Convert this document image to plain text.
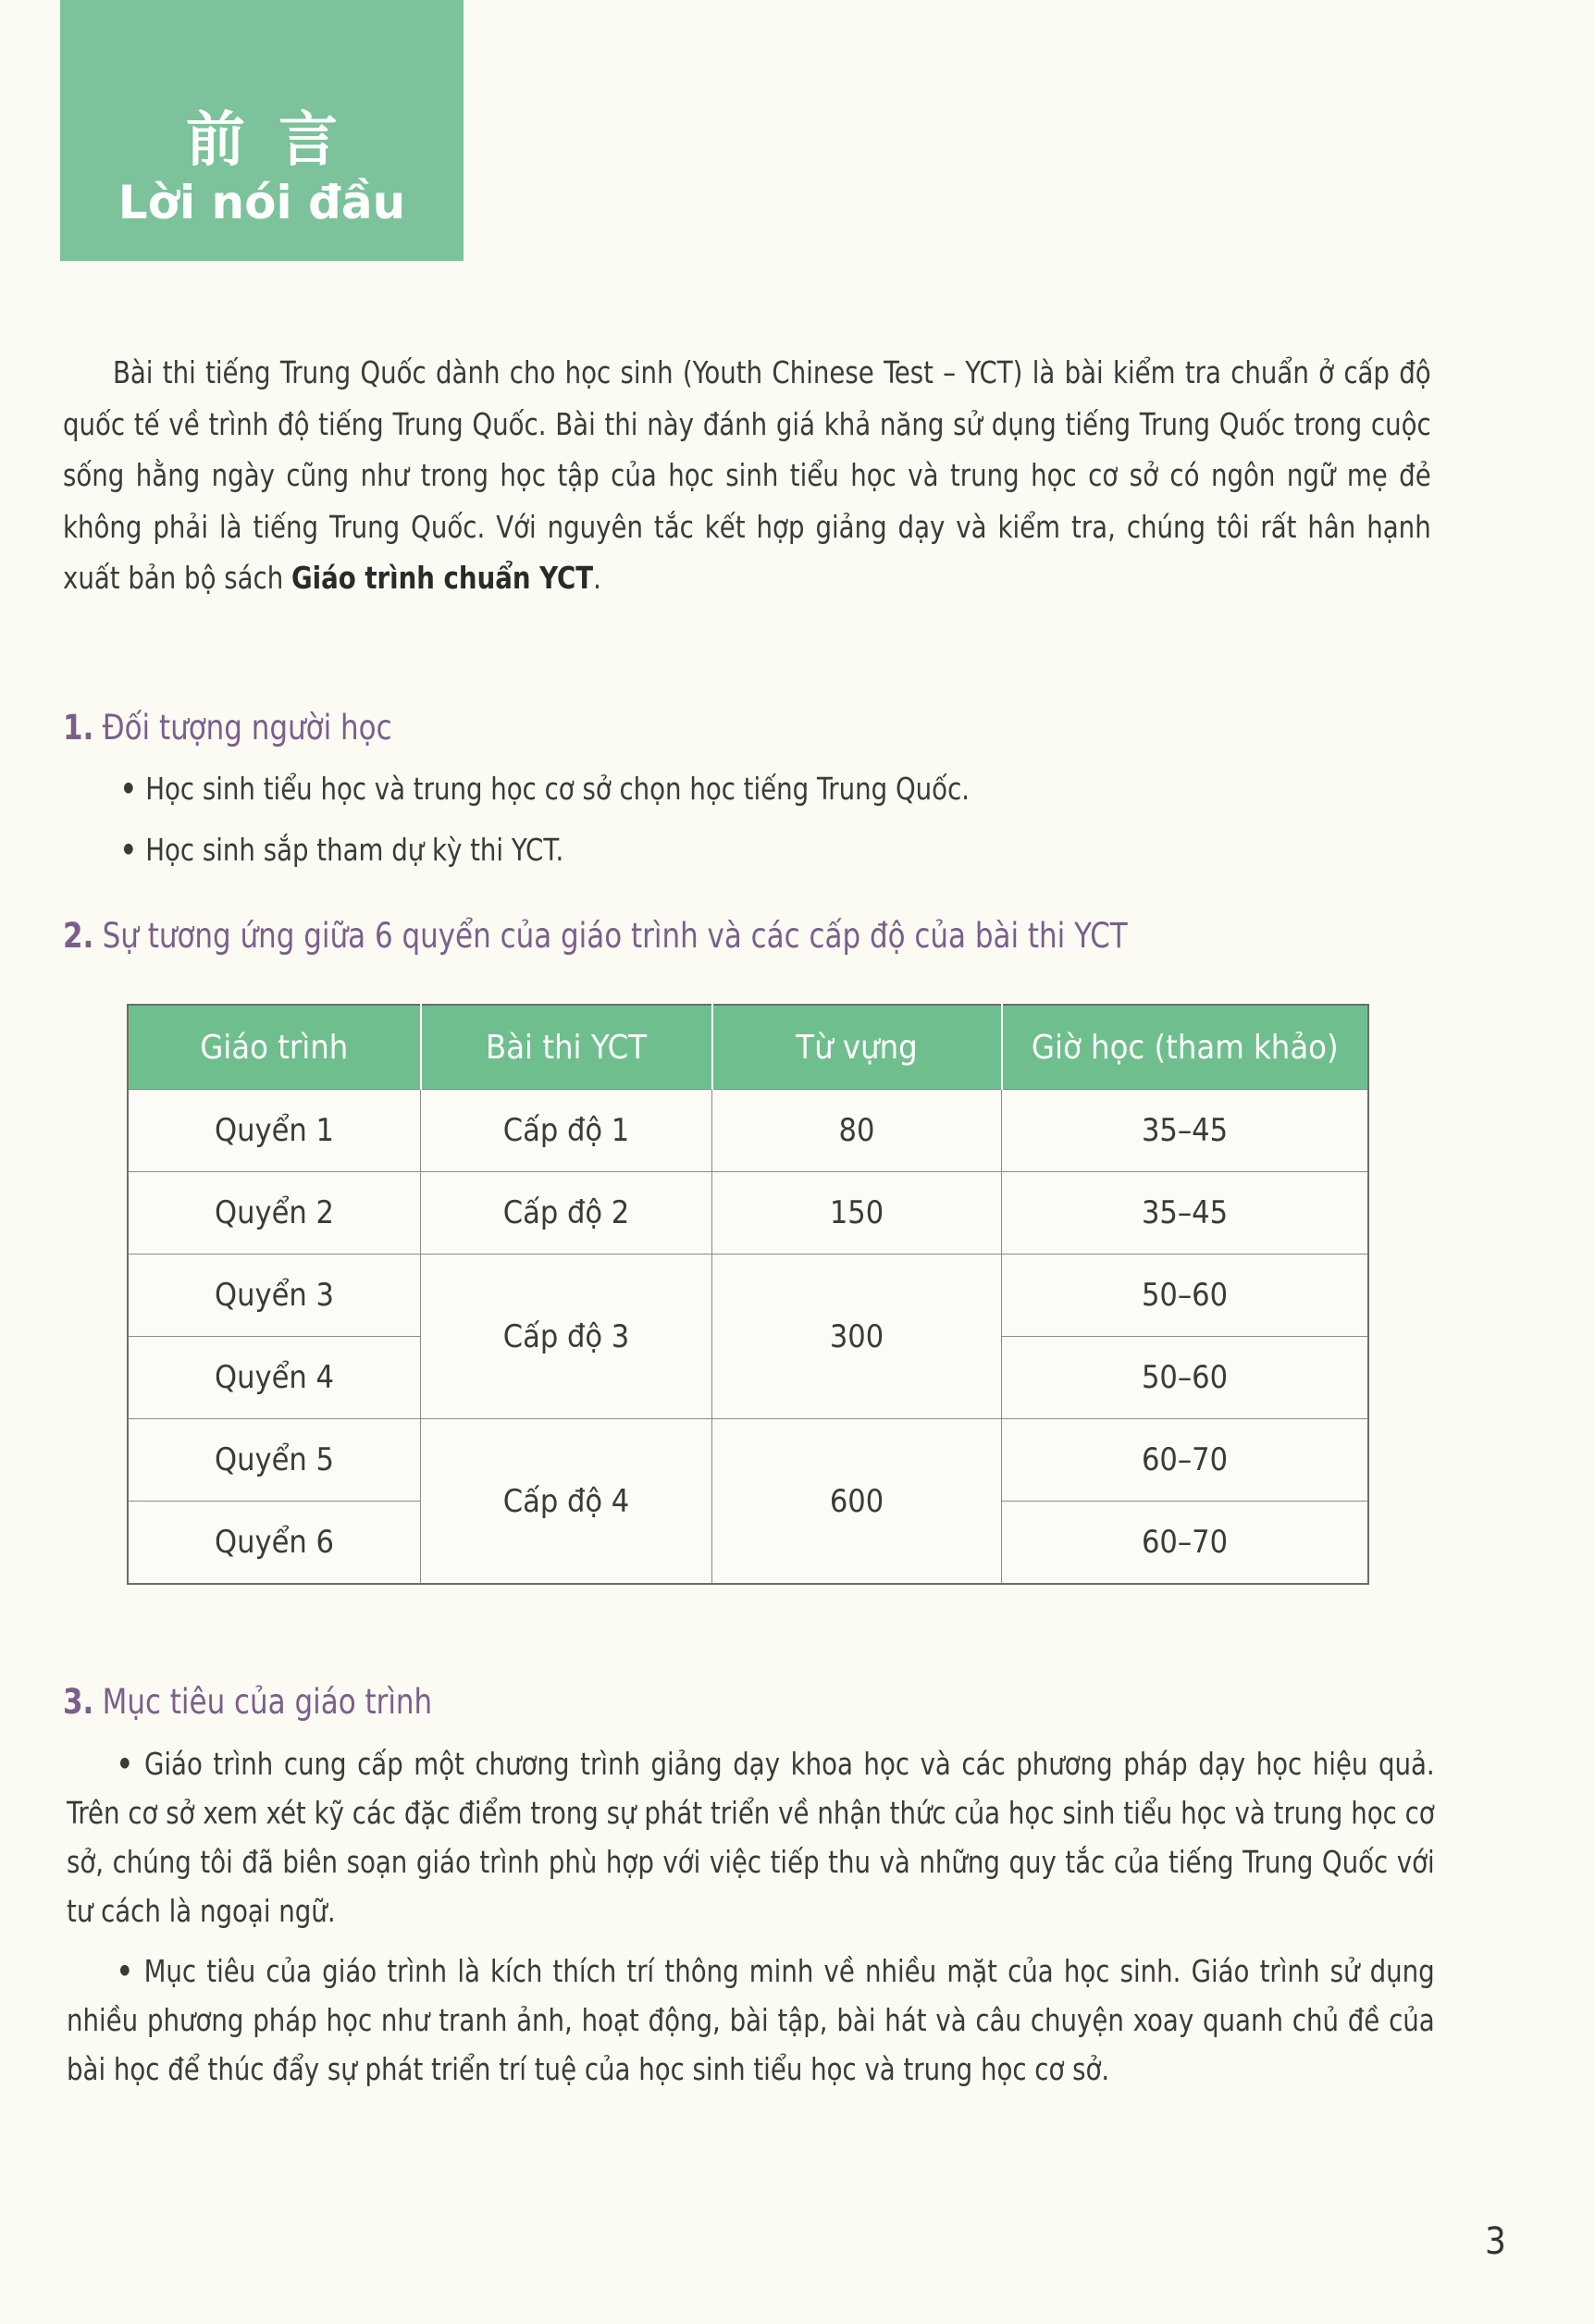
前言
Lời nói đầu

Bài thi tiếng Trung Quốc dành cho học sinh (Youth Chinese Test – YCT) là bài kiểm tra chuẩn ở cấp độ quốc tế về trình độ tiếng Trung Quốc. Bài thi này đánh giá khả năng sử dụng tiếng Trung Quốc trong cuộc sống hằng ngày cũng như trong học tập của học sinh tiểu học và trung học cơ sở có ngôn ngữ mẹ đẻ không phải là tiếng Trung Quốc. Với nguyên tắc kết hợp giảng dạy và kiểm tra, chúng tôi rất hân hạnh xuất bản bộ sách Giáo trình chuẩn YCT.

1. Đối tượng người học
• Học sinh tiểu học và trung học cơ sở chọn học tiếng Trung Quốc.
• Học sinh sắp tham dự kỳ thi YCT.
2. Sự tương ứng giữa 6 quyển của giáo trình và các cấp độ của bài thi YCT
Giáo trình	Bài thi YCT	Từ vựng	Giờ học (tham khảo)
Quyển 1	Cấp độ 1	80	35–45
Quyển 2	Cấp độ 2	150	35–45
Quyển 3	Cấp độ 3	300	50–60
Quyển 4			50–60
Quyển 5	Cấp độ 4	600	60–70
Quyển 6			60–70
3. Mục tiêu của giáo trình

• Giáo trình cung cấp một chương trình giảng dạy khoa học và các phương pháp dạy học hiệu quả. Trên cơ sở xem xét kỹ các đặc điểm trong sự phát triển về nhận thức của học sinh tiểu học và trung học cơ sở, chúng tôi đã biên soạn giáo trình phù hợp với việc tiếp thu và những quy tắc của tiếng Trung Quốc với tư cách là ngoại ngữ.

• Mục tiêu của giáo trình là kích thích trí thông minh về nhiều mặt của học sinh. Giáo trình sử dụng nhiều phương pháp học như tranh ảnh, hoạt động, bài tập, bài hát và câu chuyện xoay quanh chủ đề của bài học để thúc đẩy sự phát triển trí tuệ của học sinh tiểu học và trung học cơ sở.

3
